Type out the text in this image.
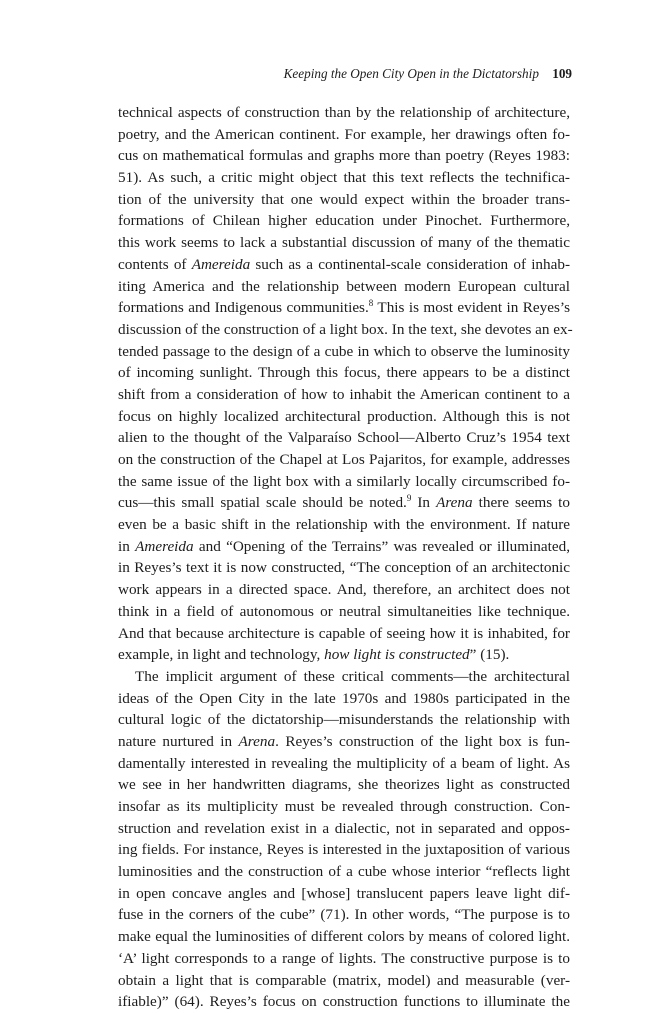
Keeping the Open City Open in the Dictatorship 109
technical aspects of construction than by the relationship of architecture,
poetry, and the American continent. For example, her drawings often fo-
cus on mathematical formulas and graphs more than poetry (Reyes 1983:
51). As such, a critic might object that this text reflects the technifica-
tion of the university that one would expect within the broader trans-
formations of Chilean higher education under Pinochet. Furthermore,
this work seems to lack a substantial discussion of many of the thematic
contents of Amereida such as a continental-scale consideration of inhab-
iting America and the relationship between modern European cultural
formations and Indigenous communities.$^8$ This is most evident in Reyes’s
discussion of the construction of a light box. In the text, she devotes an ex-
tended passage to the design of a cube in which to observe the luminosity
of incoming sunlight. Through this focus, there appears to be a distinct
shift from a consideration of how to inhabit the American continent to a
focus on highly localized architectural production. Although this is not
alien to the thought of the Valparaíso School—Alberto Cruz’s 1954 text
on the construction of the Chapel at Los Pajaritos, for example, addresses
the same issue of the light box with a similarly locally circumscribed fo-
cus—this small spatial scale should be noted.$^9$ In Arena there seems to
even be a basic shift in the relationship with the environment. If nature
in Amereida and “Opening of the Terrains” was revealed or illuminated,
in Reyes’s text it is now constructed, “The conception of an architectonic
work appears in a directed space. And, therefore, an architect does not
think in a field of autonomous or neutral simultaneities like technique.
And that because architecture is capable of seeing how it is inhabited, for
example, in light and technology, how light is constructed” (15).
The implicit argument of these critical comments—the architectural
ideas of the Open City in the late 1970s and 1980s participated in the
cultural logic of the dictatorship—misunderstands the relationship with
nature nurtured in Arena. Reyes’s construction of the light box is fun-
damentally interested in revealing the multiplicity of a beam of light. As
we see in her handwritten diagrams, she theorizes light as constructed
insofar as its multiplicity must be revealed through construction. Con-
struction and revelation exist in a dialectic, not in separated and oppos-
ing fields. For instance, Reyes is interested in the juxtaposition of various
luminosities and the construction of a cube whose interior “reflects light
in open concave angles and [whose] translucent papers leave light dif-
fuse in the corners of the cube” (71). In other words, “The purpose is to
make equal the luminosities of different colors by means of colored light.
‘A’ light corresponds to a range of lights. The constructive purpose is to
obtain a light that is comparable (matrix, model) and measurable (ver-
ifiable)” (64). Reyes’s focus on construction functions to illuminate the
